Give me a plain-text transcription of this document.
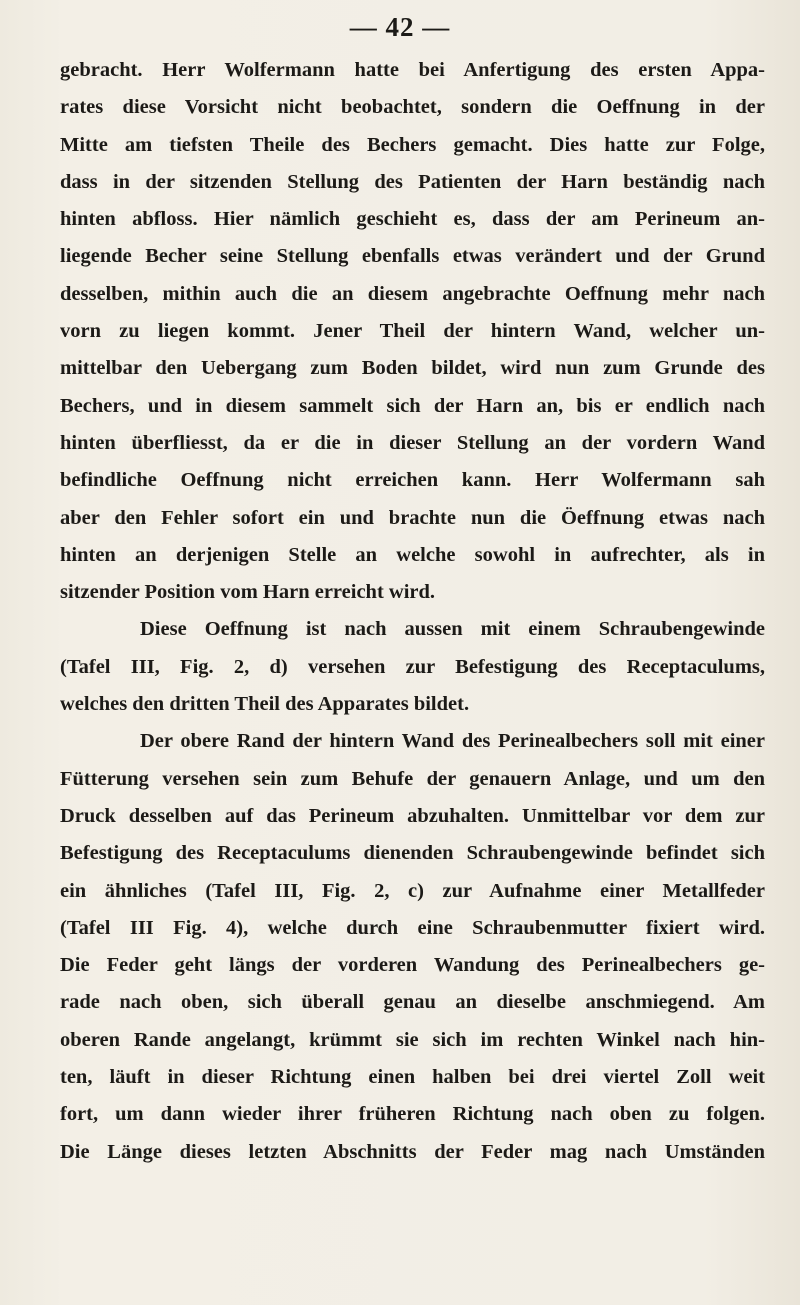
— 42 —
gebracht. Herr Wolfermann hatte bei Anfertigung des ersten Appa-
rates diese Vorsicht nicht beobachtet, sondern die Oeffnung in der
Mitte am tiefsten Theile des Bechers gemacht. Dies hatte zur Folge,
dass in der sitzenden Stellung des Patienten der Harn beständig nach
hinten abfloss. Hier nämlich geschieht es, dass der am Perineum an-
liegende Becher seine Stellung ebenfalls etwas verändert und der Grund
desselben, mithin auch die an diesem angebrachte Oeffnung mehr nach
vorn zu liegen kommt. Jener Theil der hintern Wand, welcher un-
mittelbar den Uebergang zum Boden bildet, wird nun zum Grunde des
Bechers, und in diesem sammelt sich der Harn an, bis er endlich nach
hinten überfliesst, da er die in dieser Stellung an der vordern Wand
befindliche Oeffnung nicht erreichen kann. Herr Wolfermann sah
aber den Fehler sofort ein und brachte nun die Öeffnung etwas nach
hinten an derjenigen Stelle an welche sowohl in aufrechter, als in
sitzender Position vom Harn erreicht wird.
Diese Oeffnung ist nach aussen mit einem Schraubengewinde
(Tafel III, Fig. 2, d) versehen zur Befestigung des Receptaculums,
welches den dritten Theil des Apparates bildet.
Der obere Rand der hintern Wand des Perinealbechers soll mit einer
Fütterung versehen sein zum Behufe der genauern Anlage, und um den
Druck desselben auf das Perineum abzuhalten. Unmittelbar vor dem zur
Befestigung des Receptaculums dienenden Schraubengewinde befindet sich
ein ähnliches (Tafel III, Fig. 2, c) zur Aufnahme einer Metallfeder
(Tafel III Fig. 4), welche durch eine Schraubenmutter fixiert wird.
Die Feder geht längs der vorderen Wandung des Perinealbechers ge-
rade nach oben, sich überall genau an dieselbe anschmiegend. Am
oberen Rande angelangt, krümmt sie sich im rechten Winkel nach hin-
ten, läuft in dieser Richtung einen halben bei drei viertel Zoll weit
fort, um dann wieder ihrer früheren Richtung nach oben zu folgen.
Die Länge dieses letzten Abschnitts der Feder mag nach Umständen
